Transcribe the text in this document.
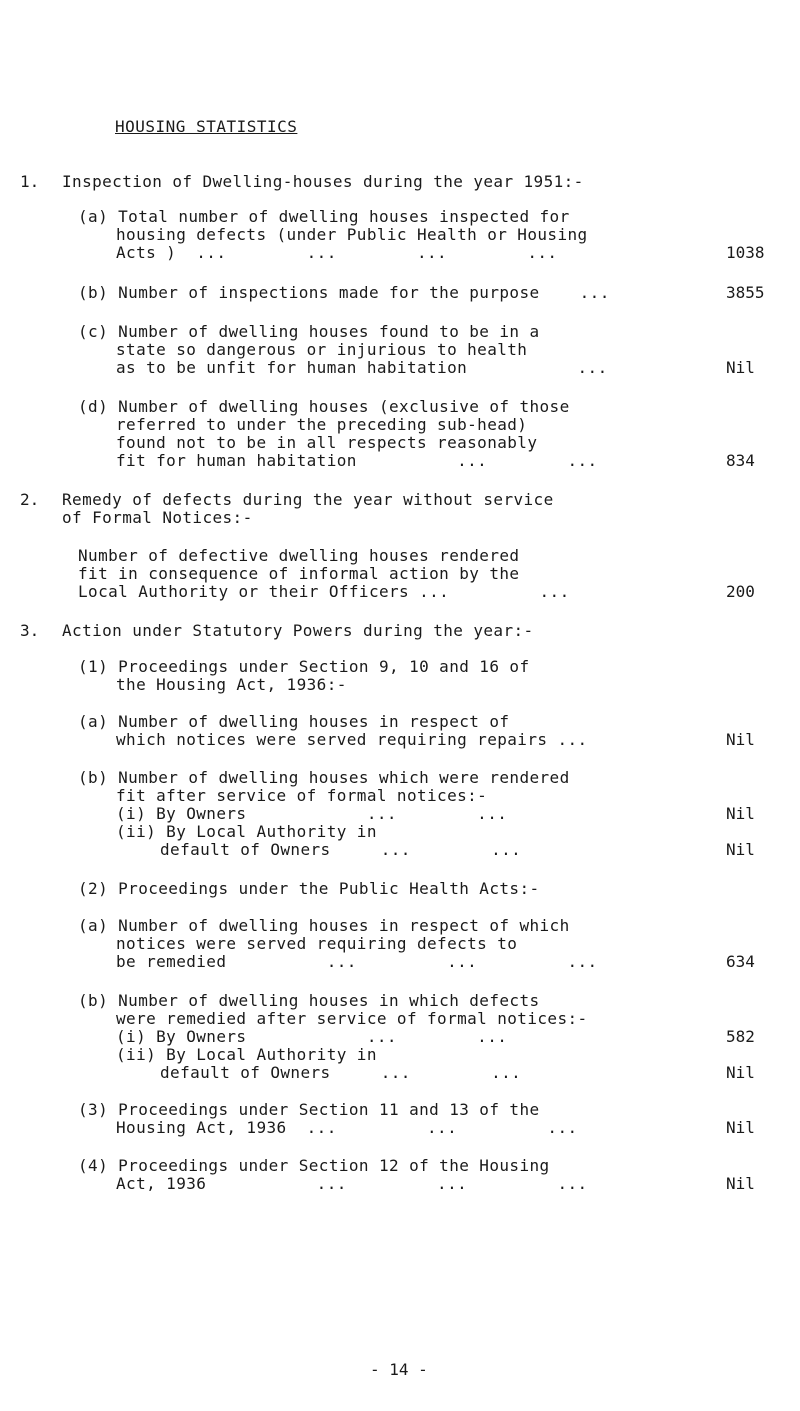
HOUSING STATISTICS
1. Inspection of Dwelling-houses during the year 1951:-
(a) Total number of dwelling houses inspected for
housing defects (under Public Health or Housing
Acts )  ...        ...        ...        ...	1038
(b) Number of inspections made for the purpose    ...	3855
(c) Number of dwelling houses found to be in a
state so dangerous or injurious to health
as to be unfit for human habitation           ...	Nil
(d) Number of dwelling houses (exclusive of those
referred to under the preceding sub-head)
found not to be in all respects reasonably
fit for human habitation          ...        ...	834
2. Remedy of defects during the year without service
of Formal Notices:-
Number of defective dwelling houses rendered
fit in consequence of informal action by the
Local Authority or their Officers ...         ...	200
3. Action under Statutory Powers during the year:-
(1) Proceedings under Section 9, 10 and 16 of
the Housing Act, 1936:-
(a) Number of dwelling houses in respect of
which notices were served requiring repairs ...	Nil
(b) Number of dwelling houses which were rendered
fit after service of formal notices:-
(i) By Owners            ...        ...	Nil
(ii) By Local Authority in
default of Owners     ...        ...	Nil
(2) Proceedings under the Public Health Acts:-
(a) Number of dwelling houses in respect of which
notices were served requiring defects to
be remedied          ...         ...         ...	634
(b) Number of dwelling houses in which defects
were remedied after service of formal notices:-
(i) By Owners            ...        ...	582
(ii) By Local Authority in
default of Owners     ...        ...	Nil
(3) Proceedings under Section 11 and 13 of the
Housing Act, 1936  ...         ...         ...	Nil
(4) Proceedings under Section 12 of the Housing
Act, 1936           ...         ...         ...	Nil
- 14 -
